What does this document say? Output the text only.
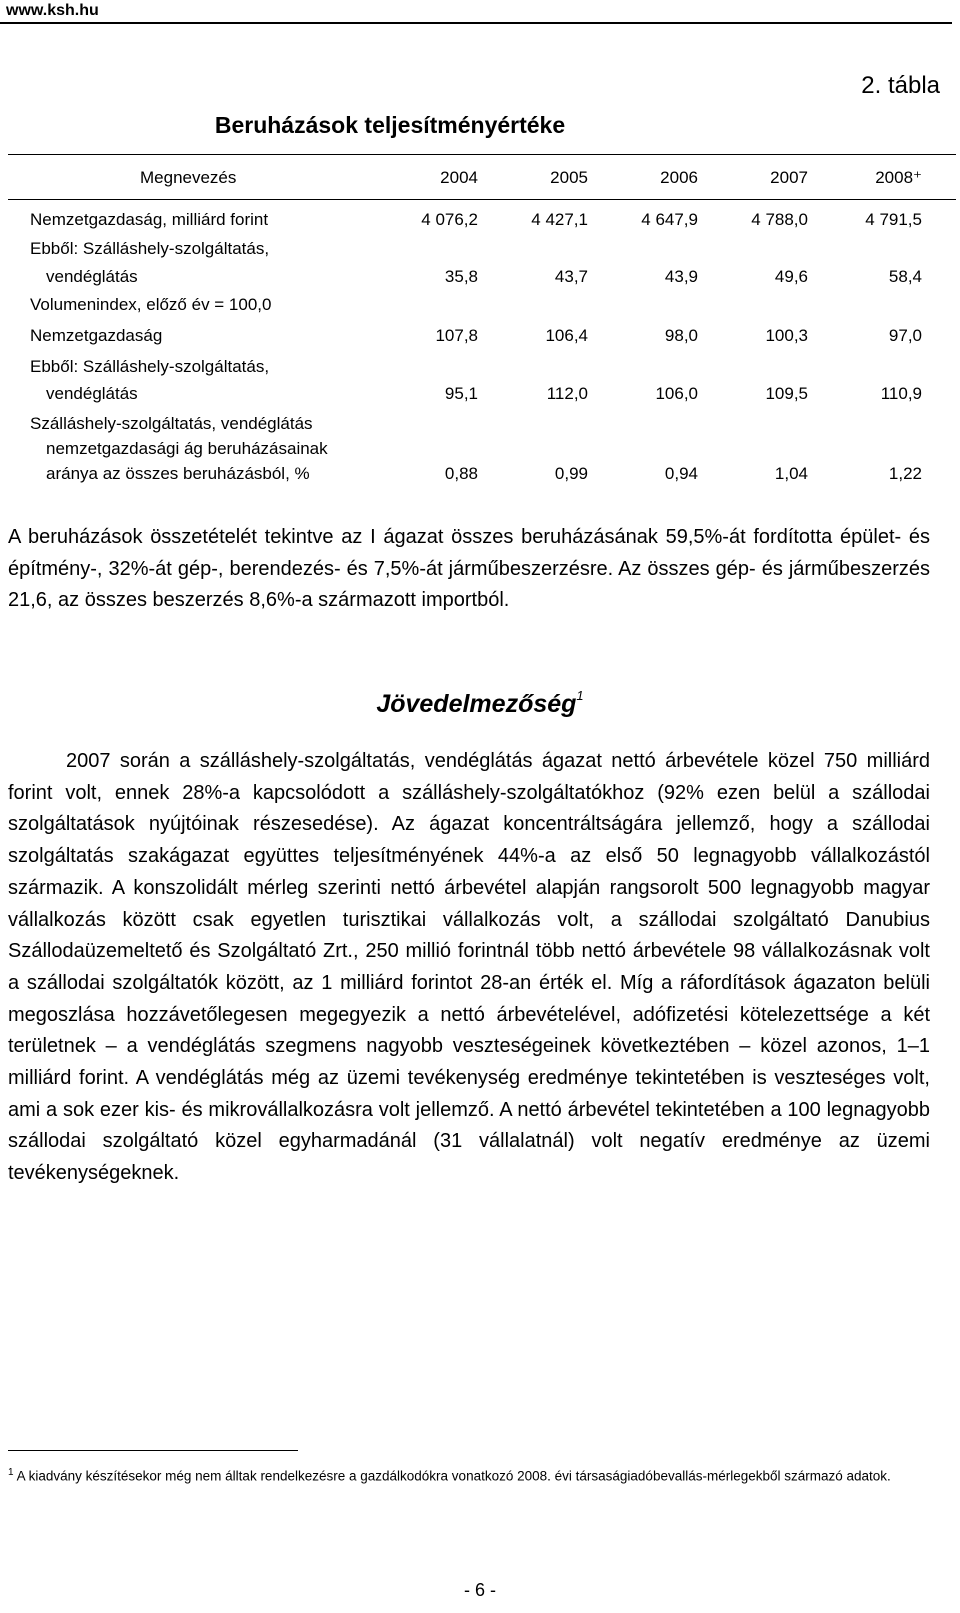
www.ksh.hu
2. tábla
Beruházások teljesítményértéke
Megnevezés	2004	2005	2006	2007	2008⁺
Nemzetgazdaság, milliárd forint	4 076,2	4 427,1	4 647,9	4 788,0	4 791,5
Ebből: Szálláshely-szolgáltatás,
vendéglátás	35,8	43,7	43,9	49,6	58,4
Volumenindex, előző év = 100,0
Nemzetgazdaság	107,8	106,4	98,0	100,3	97,0
Ebből: Szálláshely-szolgáltatás,
vendéglátás	95,1	112,0	106,0	109,5	110,9
Szálláshely-szolgáltatás, vendéglátás
nemzetgazdasági ág beruházásainak
aránya az összes beruházásból, %	0,88	0,99	0,94	1,04	1,22
A beruházások összetételét tekintve az I ágazat összes beruházásának 59,5%-át fordította épület- és építmény-, 32%-át gép-, berendezés- és 7,5%-át járműbeszerzésre. Az összes gép- és járműbeszerzés 21,6, az összes beszerzés 8,6%-a származott importból.
Jövedelmezőség$^1$
2007 során a szálláshely-szolgáltatás, vendéglátás ágazat nettó árbevétele közel 750 milliárd forint volt, ennek 28%-a kapcsolódott a szálláshely-szolgáltatókhoz (92% ezen belül a szállodai szolgáltatások nyújtóinak részesedése). Az ágazat koncentráltságára jellemző, hogy a szállodai szolgáltatás szakágazat együttes teljesítményének 44%-a az első 50 legnagyobb vállalkozástól származik. A konszolidált mérleg szerinti nettó árbevétel alapján rangsorolt 500 legnagyobb magyar vállalkozás között csak egyetlen turisztikai vállalkozás volt, a szállodai szolgáltató Danubius Szállodaüzemeltető és Szolgáltató Zrt., 250 millió forintnál több nettó árbevétele 98 vállalkozásnak volt a szállodai szolgáltatók között, az 1 milliárd forintot 28-an érték el. Míg a ráfordítások ágazaton belüli megoszlása hozzávetőlegesen megegyezik a nettó árbevételével, adófizetési kötelezettsége a két területnek – a vendéglátás szegmens nagyobb veszteségeinek következtében – közel azonos, 1–1 milliárd forint. A vendéglátás még az üzemi tevékenység eredménye tekintetében is veszteséges volt, ami a sok ezer kis- és mikrovállalkozásra volt jellemző. A nettó árbevétel tekintetében a 100 legnagyobb szállodai szolgáltató közel egyharmadánál (31 vállalatnál) volt negatív eredménye az üzemi tevékenységeknek.
$^1$ A kiadvány készítésekor még nem álltak rendelkezésre a gazdálkodókra vonatkozó 2008. évi társaságiadóbevallás-mérlegekből származó adatok.
- 6 -
